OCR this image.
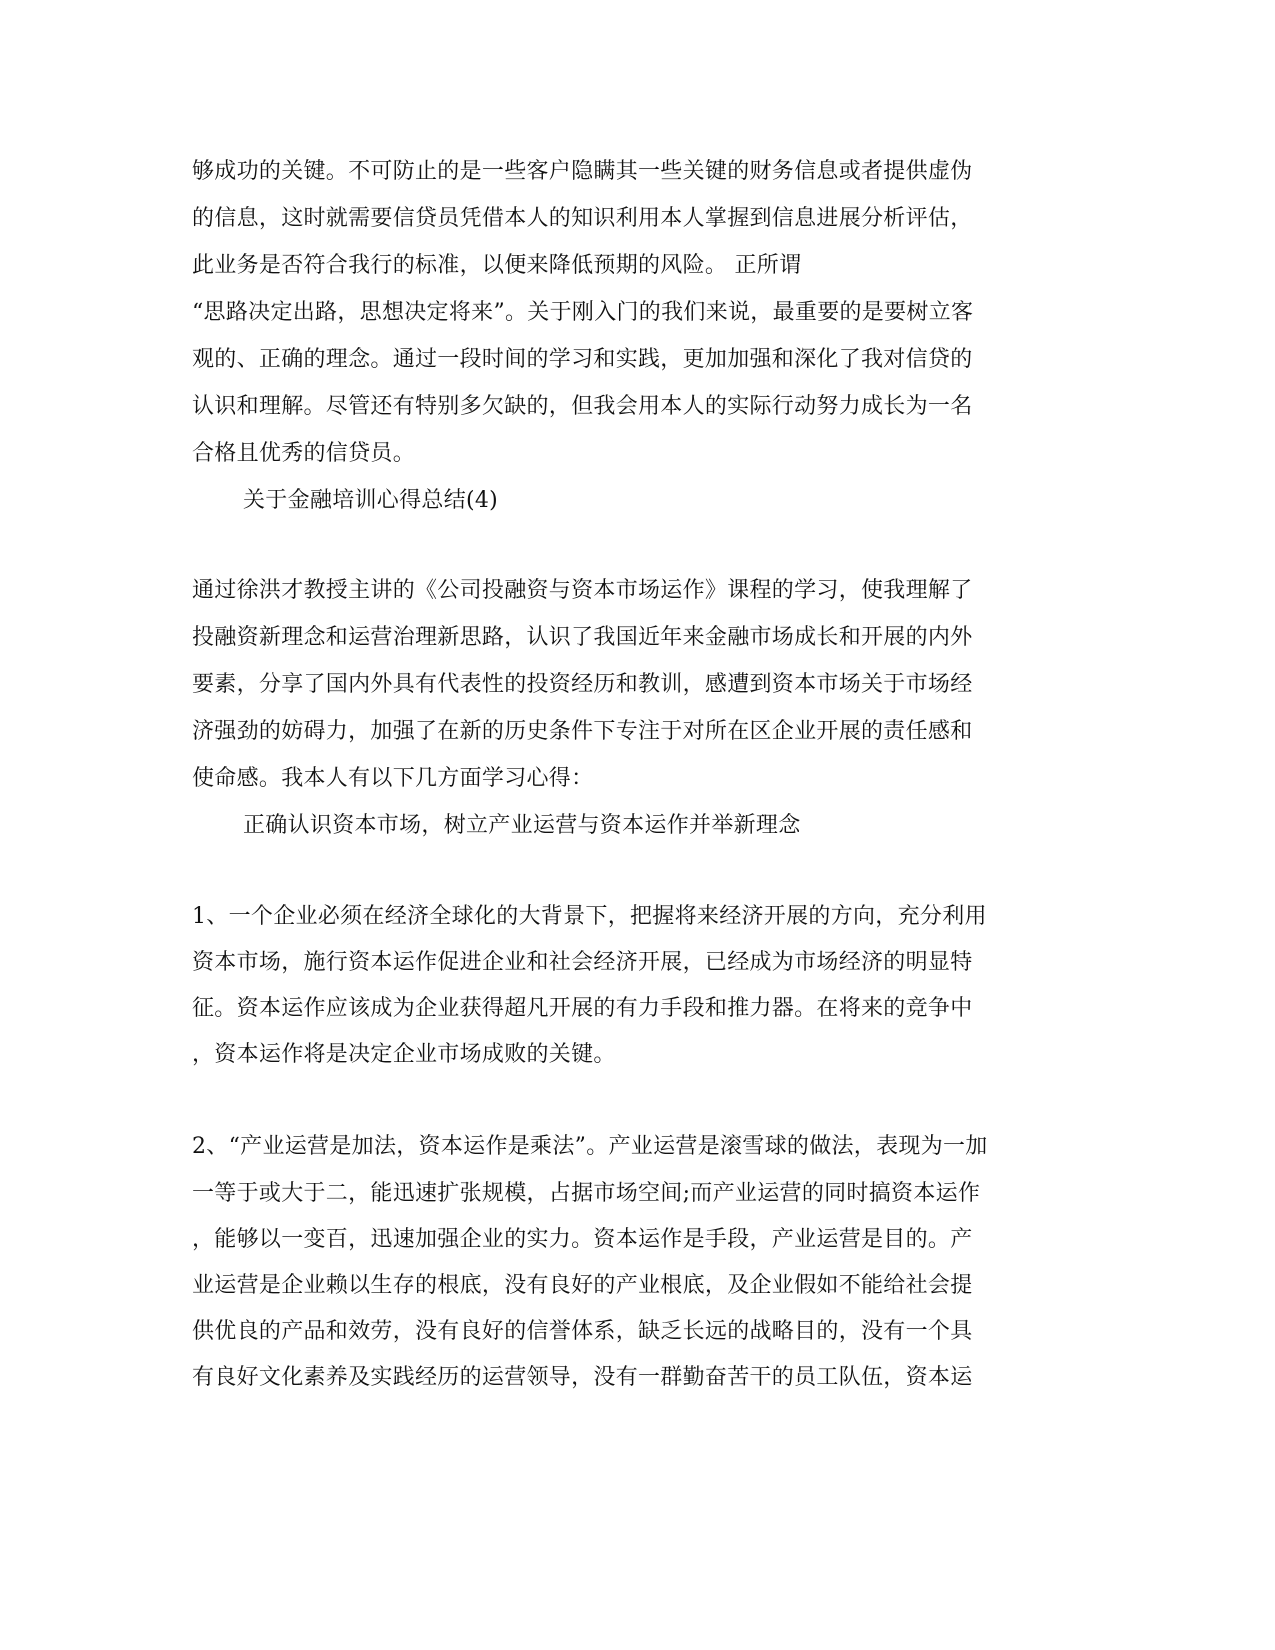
够成功的关键。不可防止的是一些客户隐瞒其一些关键的财务信息或者提供虚伪
的信息，这时就需要信贷员凭借本人的知识利用本人掌握到信息进展分析评估，
此业务是否符合我行的标准，以便来降低预期的风险。 正所谓
“思路决定出路，思想决定将来”。关于刚入门的我们来说，最重要的是要树立客
观的、正确的理念。通过一段时间的学习和实践，更加加强和深化了我对信贷的
认识和理解。尽管还有特别多欠缺的，但我会用本人的实际行动努力成长为一名
合格且优秀的信贷员。
关于金融培训心得总结(4)
通过徐洪才教授主讲的《公司投融资与资本市场运作》课程的学习，使我理解了
投融资新理念和运营治理新思路，认识了我国近年来金融市场成长和开展的内外
要素，分享了国内外具有代表性的投资经历和教训，感遭到资本市场关于市场经
济强劲的妨碍力，加强了在新的历史条件下专注于对所在区企业开展的责任感和
使命感。我本人有以下几方面学习心得：
正确认识资本市场，树立产业运营与资本运作并举新理念
1、一个企业必须在经济全球化的大背景下，把握将来经济开展的方向，充分利用
资本市场，施行资本运作促进企业和社会经济开展，已经成为市场经济的明显特
征。资本运作应该成为企业获得超凡开展的有力手段和推力器。在将来的竞争中
，资本运作将是决定企业市场成败的关键。
2、“产业运营是加法，资本运作是乘法”。产业运营是滚雪球的做法，表现为一加
一等于或大于二，能迅速扩张规模，占据市场空间;而产业运营的同时搞资本运作
，能够以一变百，迅速加强企业的实力。资本运作是手段，产业运营是目的。产
业运营是企业赖以生存的根底，没有良好的产业根底，及企业假如不能给社会提
供优良的产品和效劳，没有良好的信誉体系，缺乏长远的战略目的，没有一个具
有良好文化素养及实践经历的运营领导，没有一群勤奋苦干的员工队伍，资本运
